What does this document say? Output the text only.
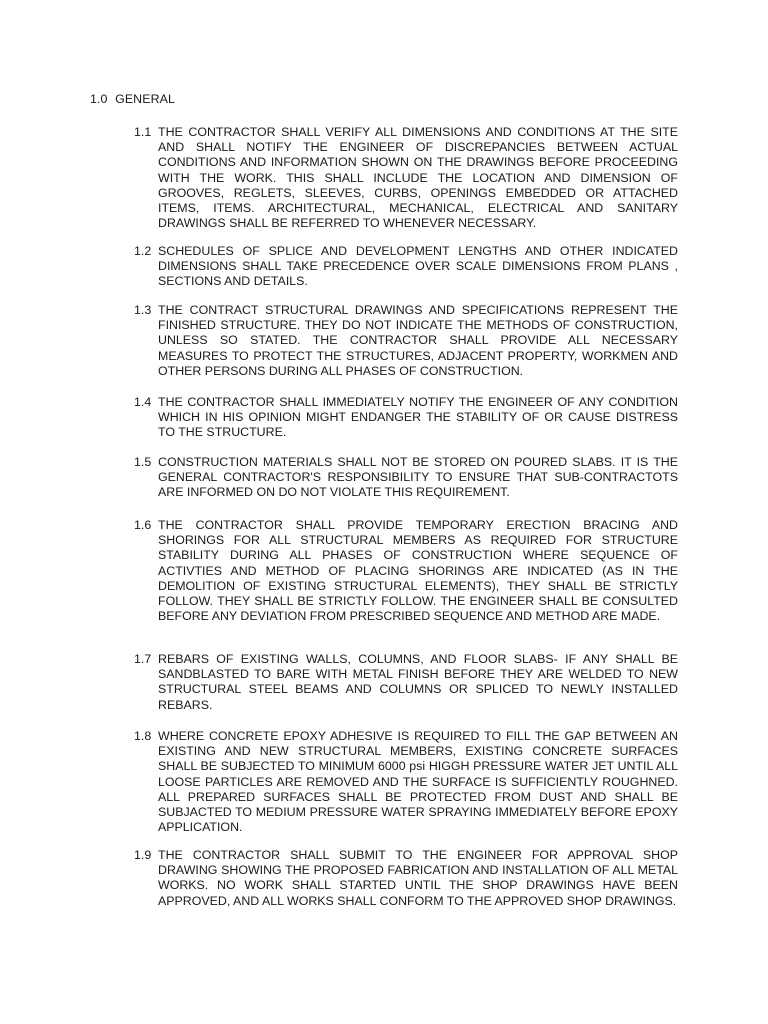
1.0 GENERAL
1.1 THE CONTRACTOR SHALL VERIFY ALL DIMENSIONS AND CONDITIONS AT THE SITE AND SHALL NOTIFY THE ENGINEER OF DISCREPANCIES BETWEEN ACTUAL CONDITIONS AND INFORMATION SHOWN ON THE DRAWINGS BEFORE PROCEEDING WITH THE WORK. THIS SHALL INCLUDE THE LOCATION AND DIMENSION OF GROOVES, REGLETS, SLEEVES, CURBS, OPENINGS EMBEDDED OR ATTACHED ITEMS, ITEMS. ARCHITECTURAL, MECHANICAL, ELECTRICAL AND SANITARY DRAWINGS SHALL BE REFERRED TO WHENEVER NECESSARY.
1.2 SCHEDULES OF SPLICE AND DEVELOPMENT LENGTHS AND OTHER INDICATED DIMENSIONS SHALL TAKE PRECEDENCE OVER SCALE DIMENSIONS FROM PLANS , SECTIONS AND DETAILS.
1.3 THE CONTRACT STRUCTURAL DRAWINGS AND SPECIFICATIONS REPRESENT THE FINISHED STRUCTURE. THEY DO NOT INDICATE THE METHODS OF CONSTRUCTION, UNLESS SO STATED. THE CONTRACTOR SHALL PROVIDE ALL NECESSARY MEASURES TO PROTECT THE STRUCTURES, ADJACENT PROPERTY, WORKMEN AND OTHER PERSONS DURING ALL PHASES OF CONSTRUCTION.
1.4 THE CONTRACTOR SHALL IMMEDIATELY NOTIFY THE ENGINEER OF ANY CONDITION WHICH IN HIS OPINION MIGHT ENDANGER THE STABILITY OF OR CAUSE DISTRESS TO THE STRUCTURE.
1.5 CONSTRUCTION MATERIALS SHALL NOT BE STORED ON POURED SLABS. IT IS THE GENERAL CONTRACTOR'S RESPONSIBILITY TO ENSURE THAT SUB-CONTRACTOTS ARE INFORMED ON DO NOT VIOLATE THIS REQUIREMENT.
1.6 THE CONTRACTOR SHALL PROVIDE TEMPORARY ERECTION BRACING AND SHORINGS FOR ALL STRUCTURAL MEMBERS AS REQUIRED FOR STRUCTURE STABILITY DURING ALL PHASES OF CONSTRUCTION WHERE SEQUENCE OF ACTIVTIES AND METHOD OF PLACING SHORINGS ARE INDICATED (AS IN THE DEMOLITION OF EXISTING STRUCTURAL ELEMENTS), THEY SHALL BE STRICTLY FOLLOW. THEY SHALL BE STRICTLY FOLLOW. THE ENGINEER SHALL BE CONSULTED BEFORE ANY DEVIATION FROM PRESCRIBED SEQUENCE AND METHOD ARE MADE.
1.7 REBARS OF EXISTING WALLS, COLUMNS, AND FLOOR SLABS- IF ANY SHALL BE SANDBLASTED TO BARE WITH METAL FINISH BEFORE THEY ARE WELDED TO NEW STRUCTURAL STEEL BEAMS AND COLUMNS OR SPLICED TO NEWLY INSTALLED REBARS.
1.8 WHERE CONCRETE EPOXY ADHESIVE IS REQUIRED TO FILL THE GAP BETWEEN AN EXISTING AND NEW STRUCTURAL MEMBERS, EXISTING CONCRETE SURFACES SHALL BE SUBJECTED TO MINIMUM 6000 psi HIGGH PRESSURE WATER JET UNTIL ALL LOOSE PARTICLES ARE REMOVED AND THE SURFACE IS SUFFICIENTLY ROUGHNED. ALL PREPARED SURFACES SHALL BE PROTECTED FROM DUST AND SHALL BE SUBJACTED TO MEDIUM PRESSURE WATER SPRAYING IMMEDIATELY BEFORE EPOXY APPLICATION.
1.9 THE CONTRACTOR SHALL SUBMIT TO THE ENGINEER FOR APPROVAL SHOP DRAWING SHOWING THE PROPOSED FABRICATION AND INSTALLATION OF ALL METAL WORKS. NO WORK SHALL STARTED UNTIL THE SHOP DRAWINGS HAVE BEEN APPROVED, AND ALL WORKS SHALL CONFORM TO THE APPROVED SHOP DRAWINGS.
